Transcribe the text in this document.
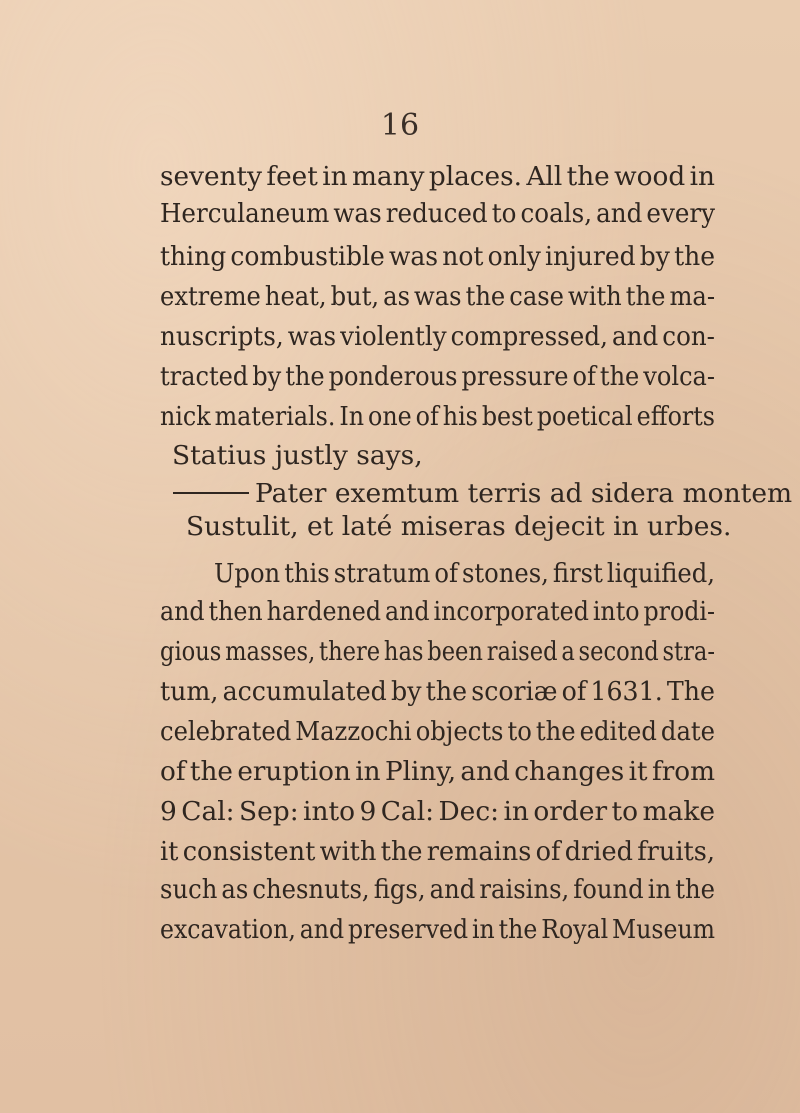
16
seventy feet in many places. All the wood in
Herculaneum was reduced to coals, and every
thing combustible was not only injured by the
extreme heat, but, as was the case with the ma-
nuscripts, was violently compressed, and con-
tracted by the ponderous pressure of the volca-
nick materials. In one of his best poetical efforts
Statius justly says,
Pater exemtum terris ad sidera montem
Sustulit, et laté miseras dejecit in urbes.
Upon this stratum of stones, first liquified,
and then hardened and incorporated into prodi-
gious masses, there has been raised a second stra-
tum, accumulated by the scoriæ of 1631. The
celebrated Mazzochi objects to the edited date
of the eruption in Pliny, and changes it from
9 Cal: Sep: into 9 Cal: Dec: in order to make
it consistent with the remains of dried fruits,
such as chesnuts, figs, and raisins, found in the
excavation, and preserved in the Royal Museum
